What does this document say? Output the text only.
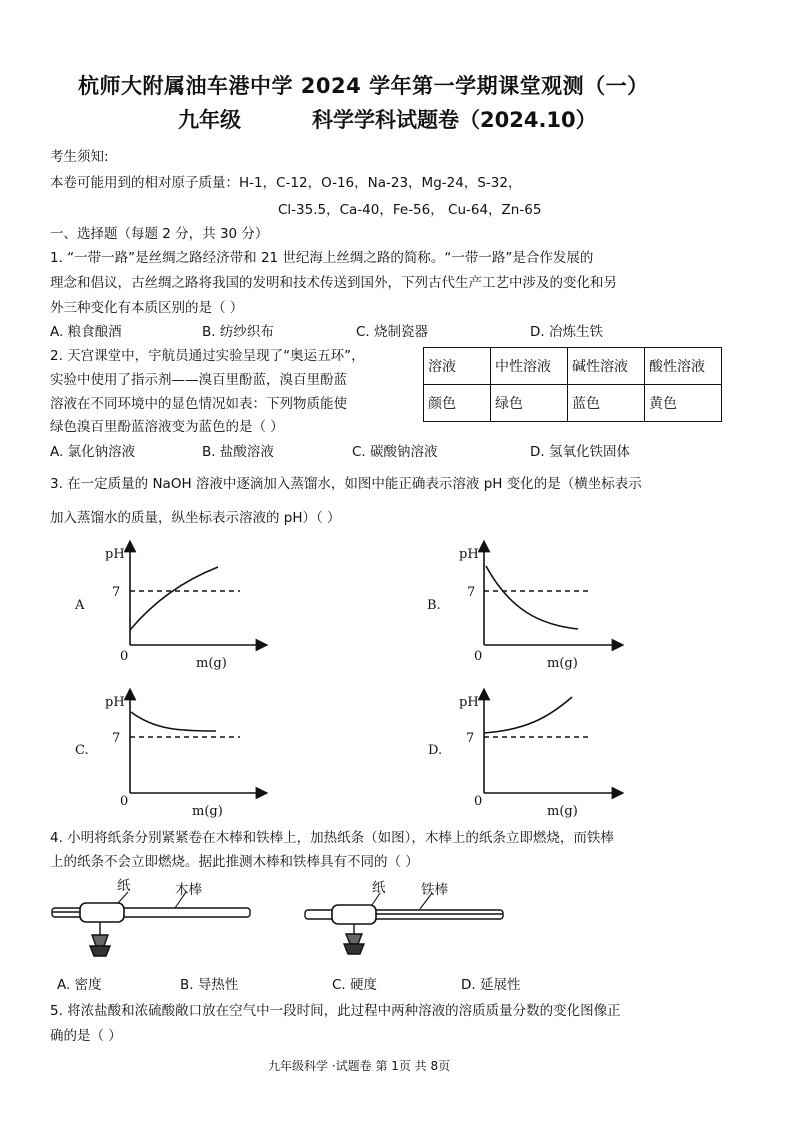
杭师大附属油车港中学 2024 学年第一学期课堂观测（一）
九年级	科学学科试题卷（2024.10）
考生须知:
本卷可能用到的相对原子质量：H-1，C-12，O-16，Na-23，Mg-24，S-32，
Cl-35.5，Ca-40，Fe-56， Cu-64，Zn-65
一、选择题（每题 2 分，共 30 分）
1. “一带一路”是丝绸之路经济带和 21 世纪海上丝绸之路的简称。“一带一路”是合作发展的
理念和倡议，古丝绸之路将我国的发明和技术传送到国外，下列古代生产工艺中涉及的变化和另
外三种变化有本质区别的是（ ）
A. 粮食酿酒	B. 纺纱织布	C. 烧制瓷器	D. 冶炼生铁
2. 天宫课堂中，宇航员通过实验呈现了“奥运五环”，
实验中使用了指示剂——溴百里酚蓝，溴百里酚蓝
溶液在不同环境中的显色情况如表：下列物质能使
绿色溴百里酚蓝溶液变为蓝色的是（ ）
溶液	中性溶液	碱性溶液	酸性溶液
颜色	绿色	蓝色	黄色
A. 氯化钠溶液	B. 盐酸溶液	C. 碳酸钠溶液	D. 氢氧化铁固体
3. 在一定质量的 NaOH 溶液中逐滴加入蒸馏水，如图中能正确表示溶液 pH 变化的是（横坐标表示
加入蒸馏水的质量，纵坐标表示溶液的 pH）（ ）
pH
7
0	m(g)
A
pH
7
0	m(g)
B.
pH
7
0
m(g)
C.
pH
7
0
m(g)
D.
4. 小明将纸条分别紧紧卷在木棒和铁棒上，加热纸条（如图），木棒上的纸条立即燃烧，而铁棒
上的纸条不会立即燃烧。据此推测木棒和铁棒具有不同的（ ）
纸	木棒	纸	铁棒
A. 密度	B. 导热性	C. 硬度	D. 延展性
5. 将浓盐酸和浓硫酸敞口放在空气中一段时间，此过程中两种溶液的溶质质量分数的变化图像正
确的是（ ）
九年级科学 ·试题卷 第 1页 共 8页
